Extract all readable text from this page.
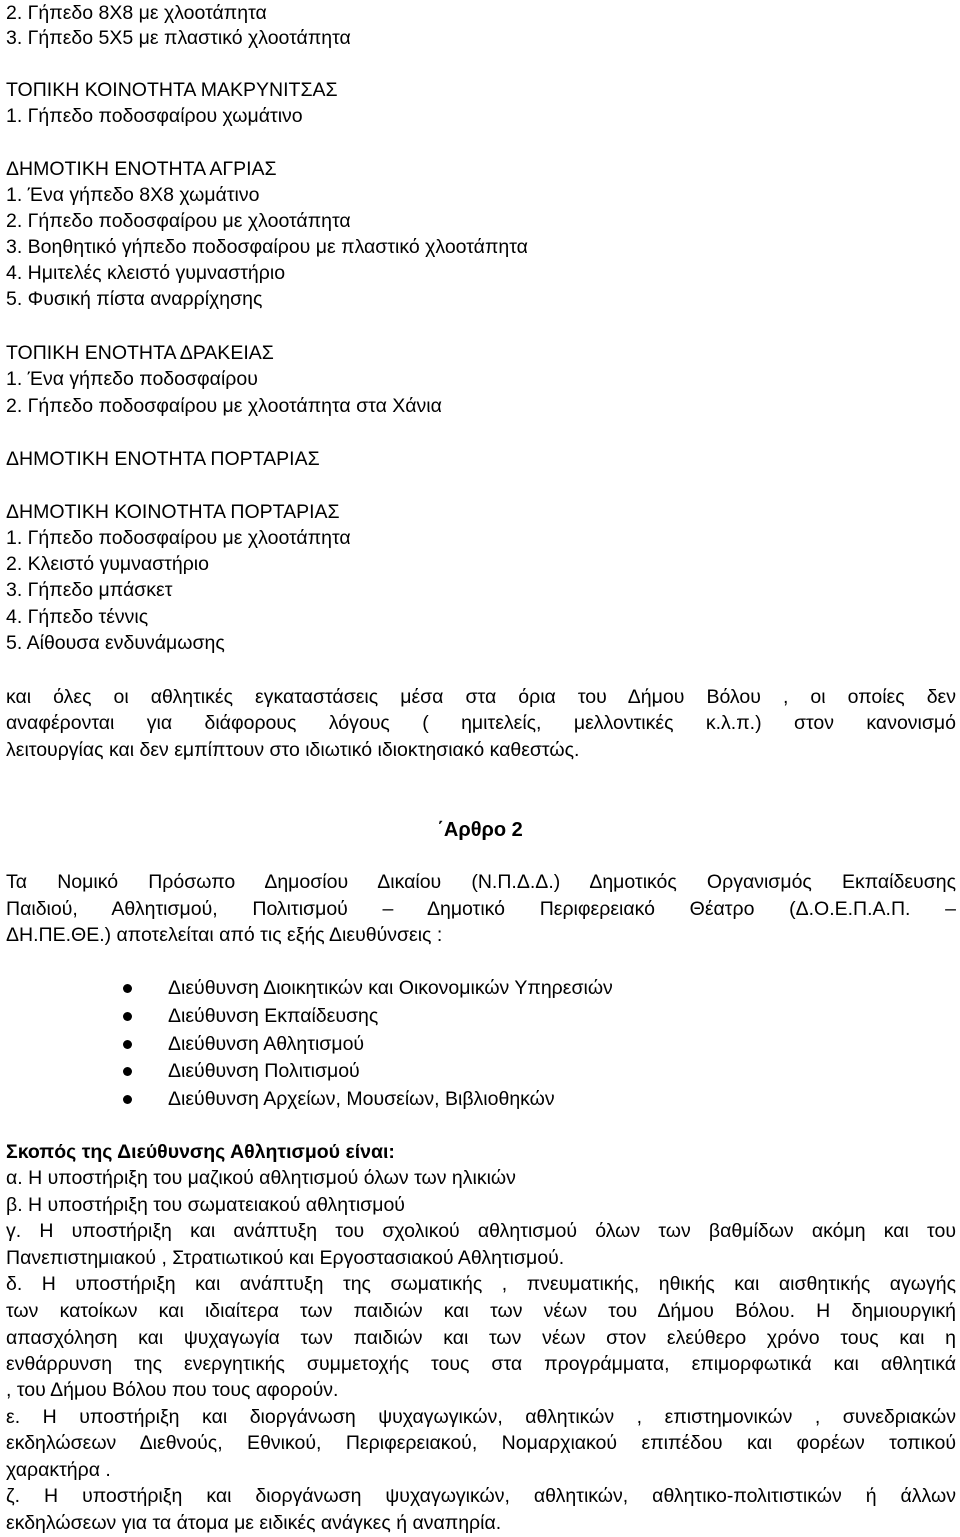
2. Γήπεδο 8Χ8 με χλοοτάπητα
3. Γήπεδο 5Χ5 με πλαστικό χλοοτάπητα
ΤΟΠΙΚΗ ΚΟΙΝΟΤΗΤΑ ΜΑΚΡΥΝΙΤΣΑΣ
1. Γήπεδο ποδοσφαίρου χωμάτινο
ΔΗΜΟΤΙΚΗ ΕΝΟΤΗΤΑ ΑΓΡΙΑΣ
1. Ένα γήπεδο 8Χ8 χωμάτινο
2. Γήπεδο ποδοσφαίρου με χλοοτάπητα
3. Βοηθητικό γήπεδο ποδοσφαίρου με πλαστικό χλοοτάπητα
4. Ημιτελές κλειστό γυμναστήριο
5. Φυσική πίστα αναρρίχησης
ΤΟΠΙΚΗ ΕΝΟΤΗΤΑ ΔΡΑΚΕΙΑΣ
1. Ένα γήπεδο ποδοσφαίρου
2. Γήπεδο ποδοσφαίρου με χλοοτάπητα στα Χάνια
ΔΗΜΟΤΙΚΗ ΕΝΟΤΗΤΑ ΠΟΡΤΑΡΙΑΣ
ΔΗΜΟΤΙΚΗ ΚΟΙΝΟΤΗΤΑ ΠΟΡΤΑΡΙΑΣ
1. Γήπεδο ποδοσφαίρου με χλοοτάπητα
2. Κλειστό γυμναστήριο
3. Γήπεδο μπάσκετ
4. Γήπεδο τέννις
5. Αίθουσα ενδυνάμωσης
και όλες οι αθλητικές εγκαταστάσεις μέσα στα όρια του Δήμου Βόλου , οι οποίες δεν
αναφέρονται για διάφορους λόγους ( ημιτελείς, μελλοντικές κ.λ.π.) στον κανονισμό
λειτουργίας και δεν εμπίπτουν στο ιδιωτικό ιδιοκτησιακό καθεστώς.
΄Αρθρο 2
Τα Νομικό Πρόσωπο Δημοσίου Δικαίου (Ν.Π.Δ.Δ.) Δημοτικός Οργανισμός Εκπαίδευσης
Παιδιού, Αθλητισμού, Πολιτισμού – Δημοτικό Περιφερειακό Θέατρο (Δ.Ο.Ε.Π.Α.Π. –
ΔΗ.ΠΕ.ΘΕ.) αποτελείται από τις εξής Διευθύνσεις :
Διεύθυνση Διοικητικών και Οικονομικών Υπηρεσιών
Διεύθυνση Εκπαίδευσης
Διεύθυνση Αθλητισμού
Διεύθυνση Πολιτισμού
Διεύθυνση Αρχείων, Μουσείων, Βιβλιοθηκών
Σκοπός της Διεύθυνσης Αθλητισμού είναι:
α. Η υποστήριξη του μαζικού αθλητισμού όλων των ηλικιών
β. Η υποστήριξη του σωματειακού αθλητισμού
γ. Η υποστήριξη και ανάπτυξη του σχολικού αθλητισμού όλων των βαθμίδων ακόμη και του
Πανεπιστημιακού , Στρατιωτικού και Εργοστασιακού Αθλητισμού.
δ. Η υποστήριξη και ανάπτυξη της σωματικής , πνευματικής, ηθικής και αισθητικής αγωγής
των κατοίκων και ιδιαίτερα των παιδιών και των νέων του Δήμου Βόλου. Η δημιουργική
απασχόληση και ψυχαγωγία των παιδιών και των νέων στον ελεύθερο χρόνο τους και η
ενθάρρυνση της ενεργητικής συμμετοχής τους στα προγράμματα, επιμορφωτικά και αθλητικά
, του Δήμου Βόλου που τους αφορούν.
ε. Η υποστήριξη και διοργάνωση ψυχαγωγικών, αθλητικών , επιστημονικών , συνεδριακών
εκδηλώσεων Διεθνούς, Εθνικού, Περιφερειακού, Νομαρχιακού επιπέδου και φορέων τοπικού
χαρακτήρα .
ζ. Η υποστήριξη και διοργάνωση ψυχαγωγικών, αθλητικών, αθλητικο-πολιτιστικών ή άλλων
εκδηλώσεων για τα άτομα με ειδικές ανάγκες ή αναπηρία.
